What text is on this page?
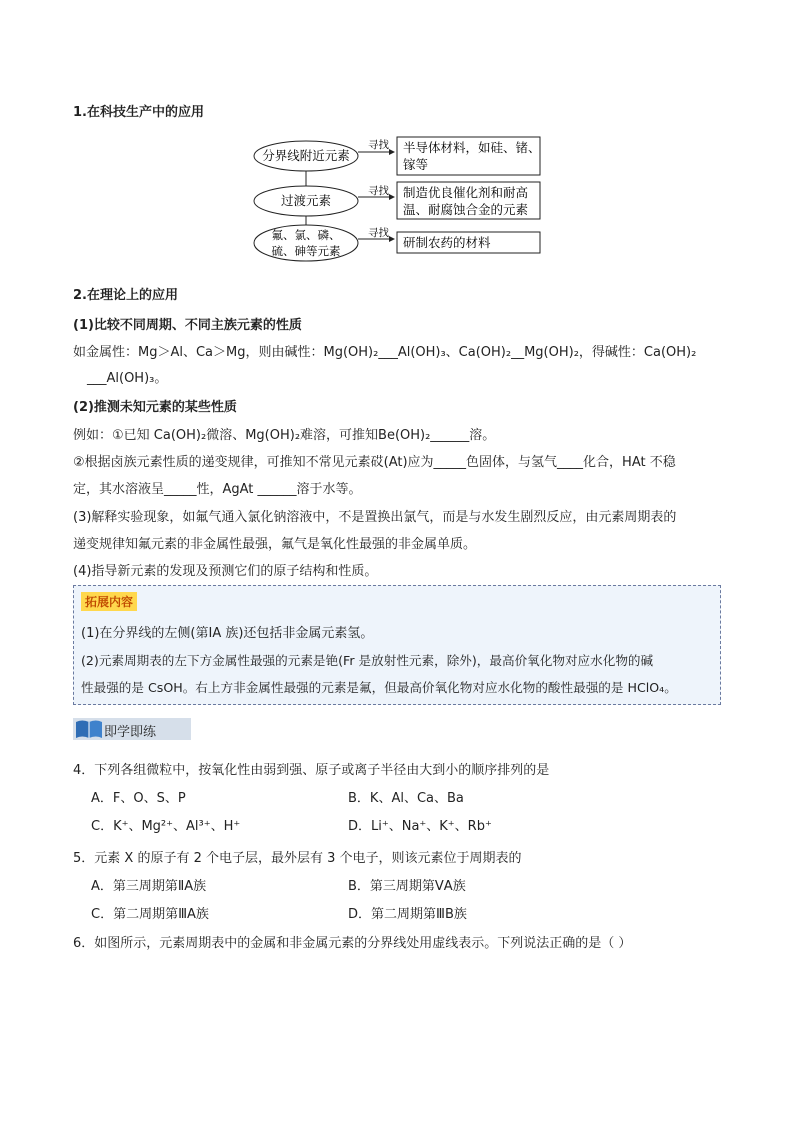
1.在科技生产中的应用
分界线附近元素
过渡元素
氟、氯、磷、
硫、砷等元素
寻找
寻找
寻找
半导体材料，如硅、锗、
镓等
制造优良催化剂和耐高
温、耐腐蚀合金的元素
研制农药的材料
2.在理论上的应用
(1)比较不同周期、不同主族元素的性质
如金属性：Mg＞Al、Ca＞Mg，则由碱性：Mg(OH)₂___Al(OH)₃、Ca(OH)₂__Mg(OH)₂，得碱性：Ca(OH)₂
___Al(OH)₃。
(2)推测未知元素的某些性质
例如：①已知 Ca(OH)₂微溶、Mg(OH)₂难溶，可推知Be(OH)₂______溶。
②根据卤族元素性质的递变规律，可推知不常见元素砹(At)应为_____色固体，与氢气____化合，HAt 不稳
定，其水溶液呈_____性，AgAt ______溶于水等。
(3)解释实验现象，如氟气通入氯化钠溶液中，不是置换出氯气，而是与水发生剧烈反应，由元素周期表的
递变规律知氟元素的非金属性最强，氟气是氧化性最强的非金属单质。
(4)指导新元素的发现及预测它们的原子结构和性质。
拓展内容
(1)在分界线的左侧(第ⅠA 族)还包括非金属元素氢。
(2)元素周期表的左下方金属性最强的元素是铯(Fr 是放射性元素，除外)，最高价氧化物对应水化物的碱
性最强的是 CsOH。右上方非金属性最强的元素是氟，但最高价氧化物对应水化物的酸性最强的是 HClO₄。
即学即练
4．下列各组微粒中，按氧化性由弱到强、原子或离子半径由大到小的顺序排列的是
A．F、O、S、P	B．K、Al、Ca、Ba
C．K⁺、Mg²⁺、Al³⁺、H⁺	D．Li⁺、Na⁺、K⁺、Rb⁺
5．元素 X 的原子有 2 个电子层，最外层有 3 个电子，则该元素位于周期表的
A．第三周期第ⅡA族	B．第三周期第ⅤA族
C．第二周期第ⅢA族	D．第二周期第ⅢB族
6．如图所示，元素周期表中的金属和非金属元素的分界线处用虚线表示。下列说法正确的是（ ）
